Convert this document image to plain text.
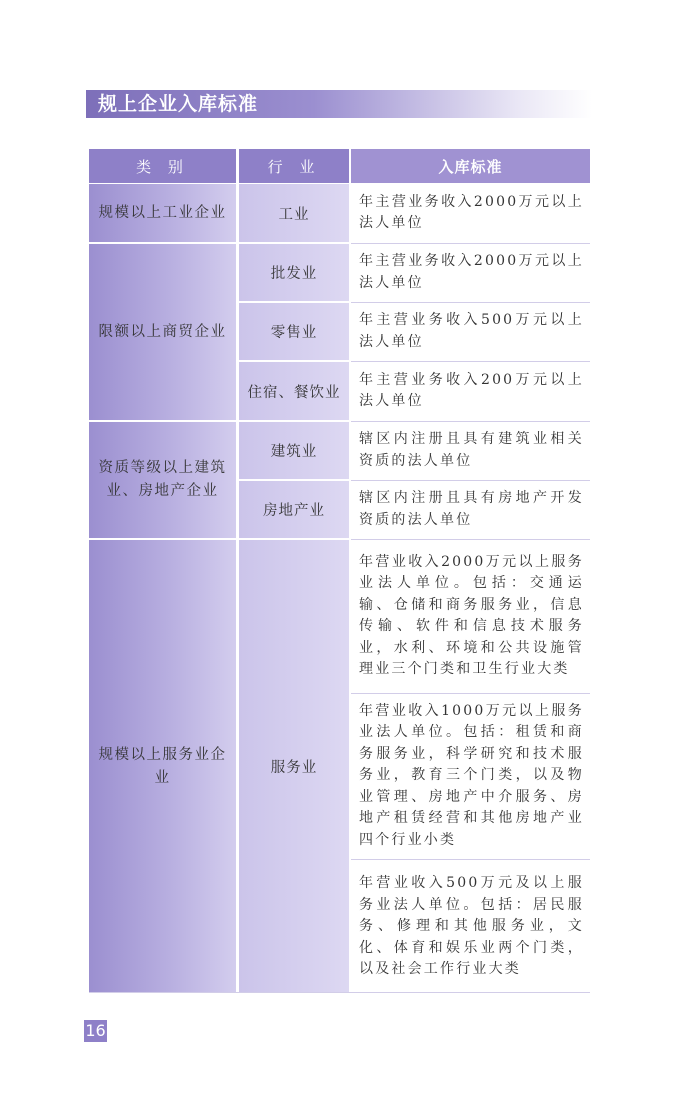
规上企业入库标准
类 别	行 业	入库标准
规模以上工业企业
限额以上商贸企业
资质等级以上建筑业、房地产企业
规模以上服务业企业
工业
批发业
零售业
住宿、餐饮业
建筑业
房地产业
服务业
年主营业务收入2000万元以上法人单位
年主营业务收入2000万元以上法人单位
年主营业务收入500万元以上法人单位
年主营业务收入200万元以上法人单位
辖区内注册且具有建筑业相关资质的法人单位
辖区内注册且具有房地产开发资质的法人单位
年营业收入2000万元以上服务业法人单位。包括：交通运输、仓储和商务服务业，信息传输、软件和信息技术服务业，水利、环境和公共设施管理业三个门类和卫生行业大类
年营业收入1000万元以上服务业法人单位。包括：租赁和商务服务业，科学研究和技术服务业，教育三个门类，以及物业管理、房地产中介服务、房地产租赁经营和其他房地产业四个行业小类
年营业收入500万元及以上服务业法人单位。包括：居民服务、修理和其他服务业，文化、体育和娱乐业两个门类，以及社会工作行业大类
16
